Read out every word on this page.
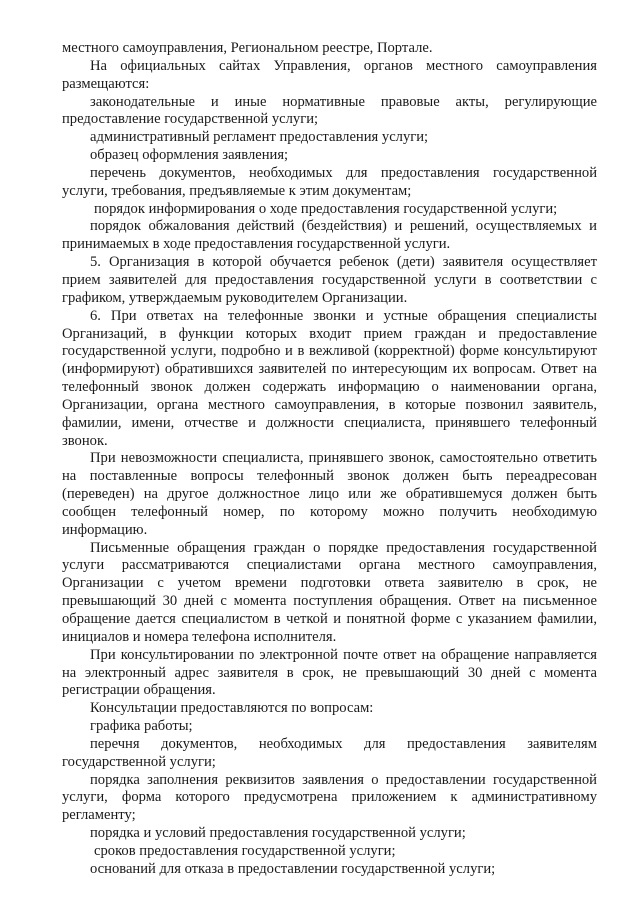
местного самоуправления, Региональном реестре, Портале.

На официальных сайтах Управления, органов местного самоуправления размещаются:

законодательные и иные нормативные правовые акты, регулирующие предоставление государственной услуги;

административный регламент предоставления услуги;

образец оформления заявления;

перечень документов, необходимых для предоставления государственной услуги, требования, предъявляемые к этим документам;

порядок информирования о ходе предоставления государственной услуги;

порядок обжалования действий (бездействия) и решений, осуществляемых и принимаемых в ходе предоставления государственной услуги.

5. Организация в которой обучается ребенок (дети) заявителя осуществляет прием заявителей для предоставления государственной услуги в соответствии с графиком, утверждаемым руководителем Организации.

6. При ответах на телефонные звонки и устные обращения специалисты Организаций, в функции которых входит прием граждан и предоставление государственной услуги, подробно и в вежливой (корректной) форме консультируют (информируют) обратившихся заявителей по интересующим их вопросам. Ответ на телефонный звонок должен содержать информацию о наименовании органа, Организации, органа местного самоуправления, в которые позвонил заявитель, фамилии, имени, отчестве и должности специалиста, принявшего телефонный звонок.

При невозможности специалиста, принявшего звонок, самостоятельно ответить на поставленные вопросы телефонный звонок должен быть переадресован (переведен) на другое должностное лицо или же обратившемуся должен быть сообщен телефонный номер, по которому можно получить необходимую информацию.

Письменные обращения граждан о порядке предоставления государственной услуги рассматриваются специалистами органа местного самоуправления, Организации с учетом времени подготовки ответа заявителю в срок, не превышающий 30 дней с момента поступления обращения. Ответ на письменное обращение дается специалистом в четкой и понятной форме с указанием фамилии, инициалов и номера телефона исполнителя.

При консультировании по электронной почте ответ на обращение направляется на электронный адрес заявителя в срок, не превышающий 30 дней с момента регистрации обращения.

Консультации предоставляются по вопросам:

графика работы;

перечня документов, необходимых для предоставления заявителям государственной услуги;

порядка заполнения реквизитов заявления о предоставлении государственной услуги, форма которого предусмотрена приложением к административному регламенту;

порядка и условий предоставления государственной услуги;

сроков предоставления государственной услуги;

оснований для отказа в предоставлении государственной услуги;
